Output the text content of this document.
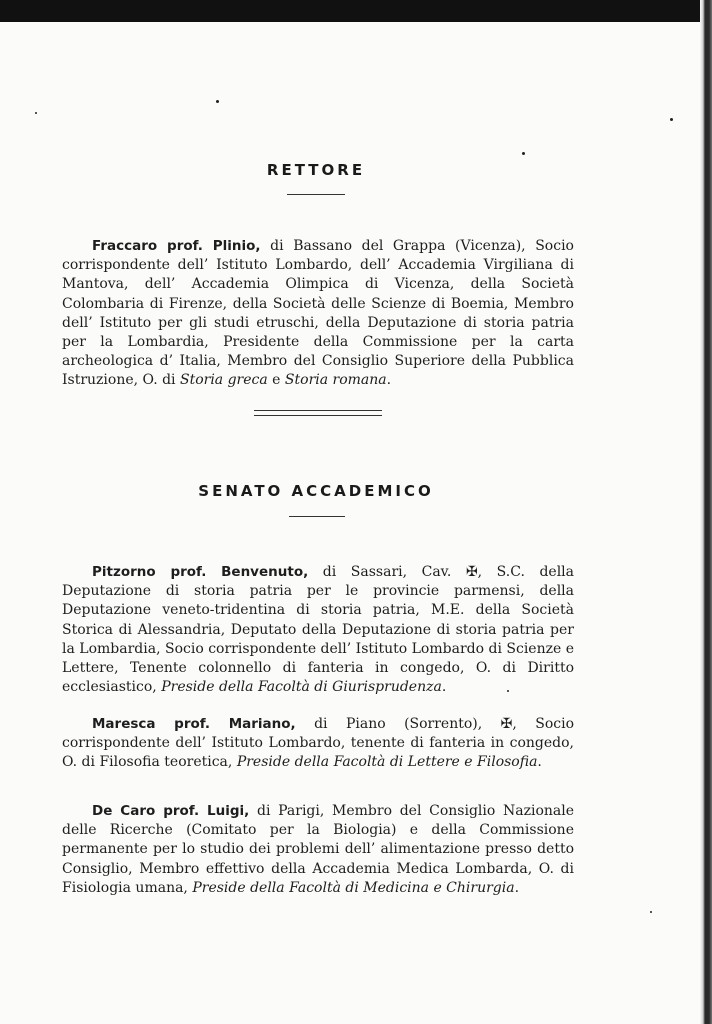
RETTORE

Fraccaro prof. Plinio, di Bassano del Grappa (Vicenza), Socio corrispondente dell’ Istituto Lombardo, dell’ Accademia Virgiliana di Mantova, dell’ Accademia Olimpica di Vicenza, della Società Colombaria di Firenze, della Società delle Scienze di Boemia, Membro dell’ Istituto per gli studi etruschi, della Deputazione di storia patria per la Lombardia, Presidente della Commissione per la carta archeologica d’ Italia, Membro del Consiglio Superiore della Pubblica Istruzione, O. di Storia greca e Storia romana.

SENATO ACCADEMICO

Pitzorno prof. Benvenuto, di Sassari, Cav. ✠, S.C. della Deputazione di storia patria per le provincie parmensi, della Deputazione veneto-tridentina di storia patria, M.E. della Società Storica di Alessandria, Deputato della Deputazione di storia patria per la Lombardia, Socio corrispondente dell’ Istituto Lombardo di Scienze e Lettere, Tenente colonnello di fanteria in congedo, O. di Diritto ecclesiastico, Preside della Facoltà di Giurisprudenza.

Maresca prof. Mariano, di Piano (Sorrento), ✠, Socio corrispondente dell’ Istituto Lombardo, tenente di fanteria in congedo, O. di Filosofia teoretica, Preside della Facoltà di Lettere e Filosofia.

De Caro prof. Luigi, di Parigi, Membro del Consiglio Nazionale delle Ricerche (Comitato per la Biologia) e della Commissione permanente per lo studio dei problemi dell’ alimentazione presso detto Consiglio, Membro effettivo della Accademia Medica Lombarda, O. di Fisiologia umana, Preside della Facoltà di Medicina e Chirurgia.
